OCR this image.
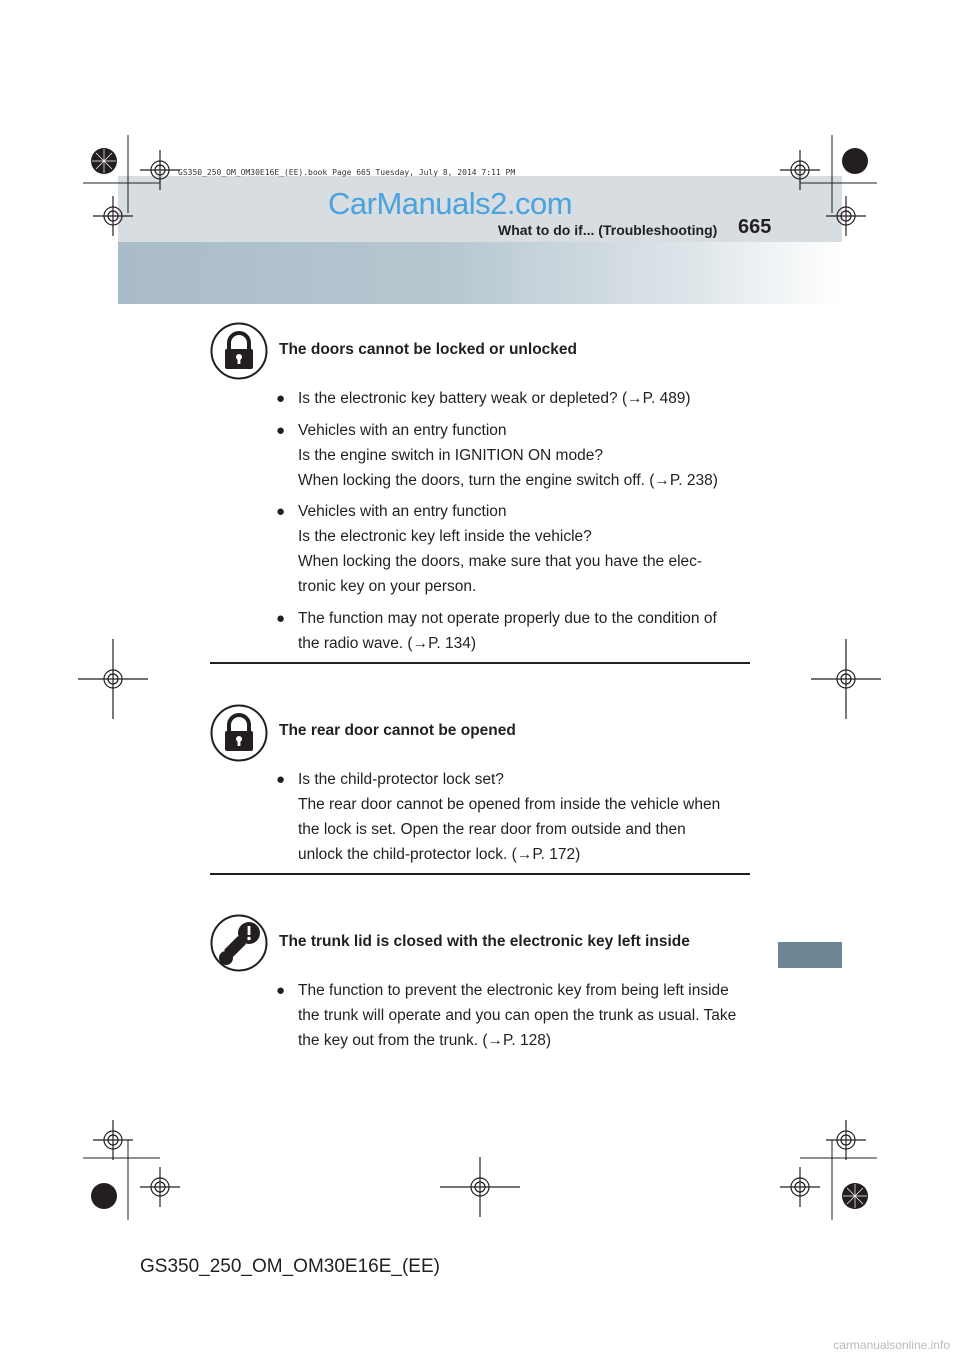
GS350_250_OM_OM30E16E_(EE).book Page 665 Tuesday, July 8, 2014 7:11 PM
CarManuals2.com
What to do if... (Troubleshooting) 665
The doors cannot be locked or unlocked
● Is the electronic key battery weak or depleted? (→P. 489)
● Vehicles with an entry function
Is the engine switch in IGNITION ON mode?
When locking the doors, turn the engine switch off. (→P. 238)
● Vehicles with an entry function
Is the electronic key left inside the vehicle?
When locking the doors, make sure that you have the elec-
tronic key on your person.
● The function may not operate properly due to the condition of
the radio wave. (→P. 134)
The rear door cannot be opened
● Is the child-protector lock set?
The rear door cannot be opened from inside the vehicle when
the lock is set. Open the rear door from outside and then
unlock the child-protector lock. (→P. 172)
The trunk lid is closed with the electronic key left inside
● The function to prevent the electronic key from being left inside
the trunk will operate and you can open the trunk as usual. Take
the key out from the trunk. (→P. 128)
GS350_250_OM_OM30E16E_(EE)
carmanualsonline.info
